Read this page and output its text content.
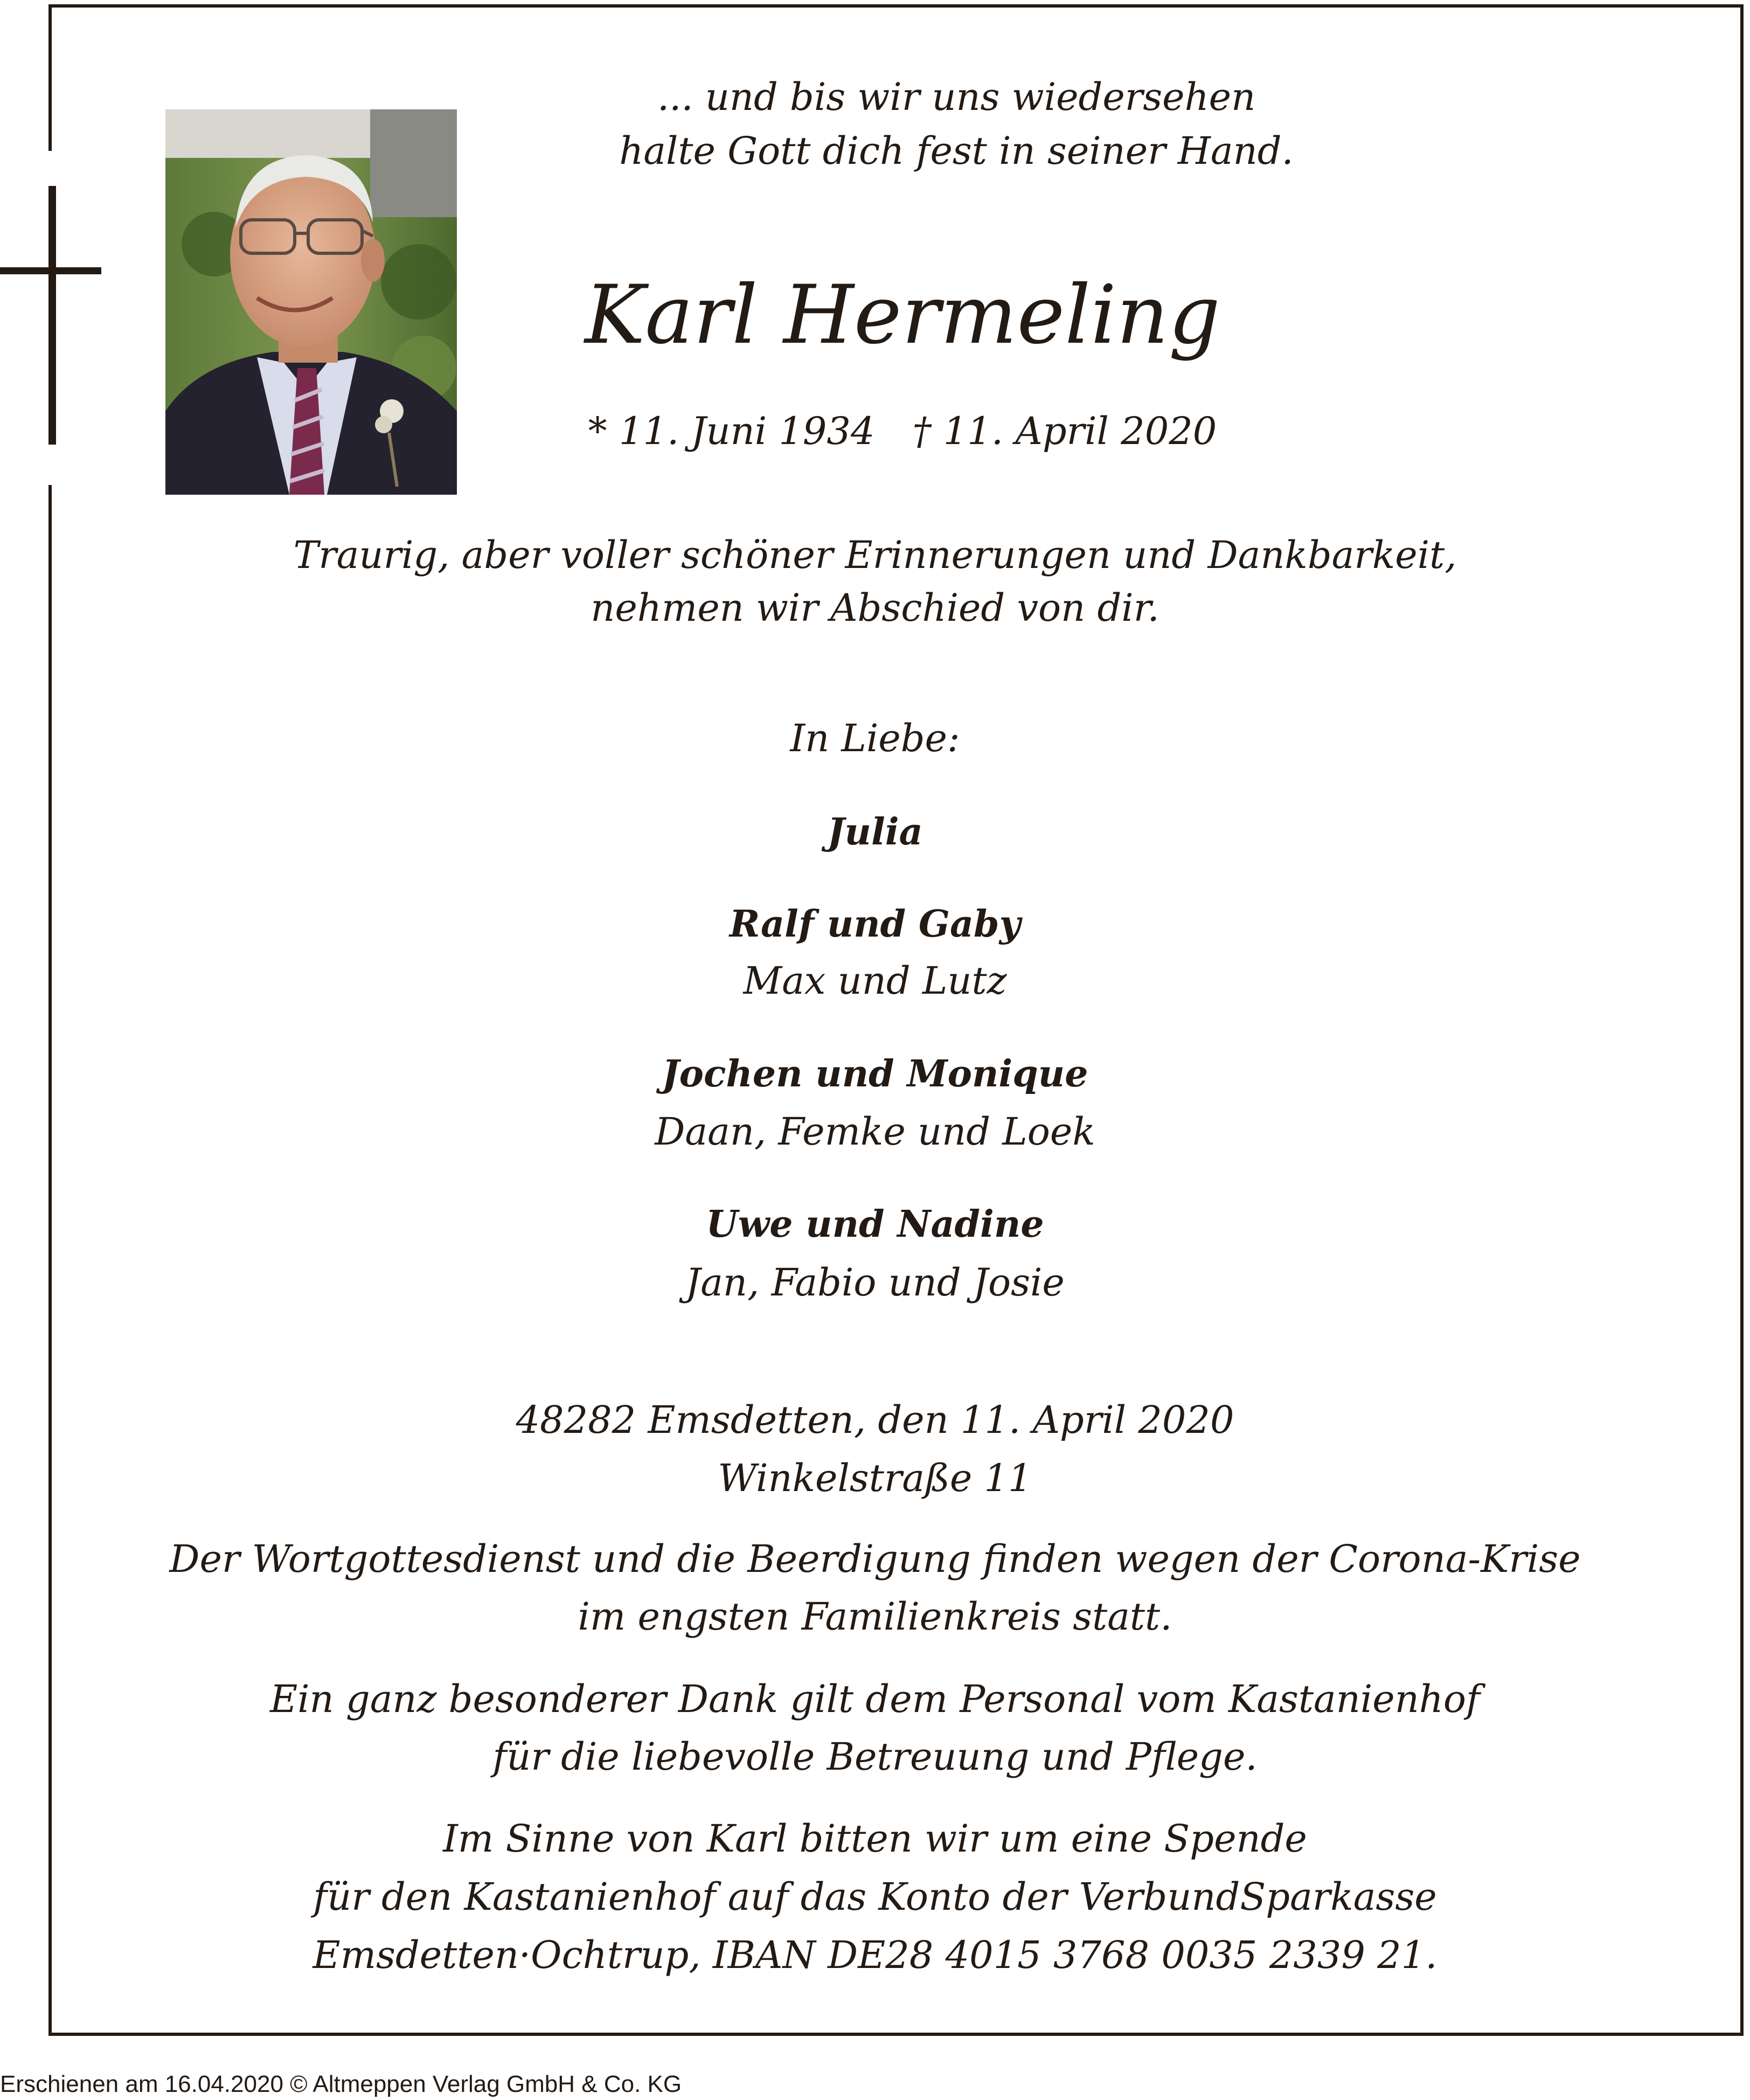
... und bis wir uns wiedersehen
halte Gott dich fest in seiner Hand.
Karl Hermeling
* 11. Juni 1934 † 11. April 2020
Traurig, aber voller schöner Erinnerungen und Dankbarkeit,
nehmen wir Abschied von dir.
In Liebe:
Julia
Ralf und Gaby
Max und Lutz
Jochen und Monique
Daan, Femke und Loek
Uwe und Nadine
Jan, Fabio und Josie
48282 Emsdetten, den 11. April 2020
Winkelstraße 11
Der Wortgottesdienst und die Beerdigung finden wegen der Corona-Krise
im engsten Familienkreis statt.
Ein ganz besonderer Dank gilt dem Personal vom Kastanienhof
für die liebevolle Betreuung und Pflege.
Im Sinne von Karl bitten wir um eine Spende
für den Kastanienhof auf das Konto der VerbundSparkasse
Emsdetten·Ochtrup, IBAN DE28 4015 3768 0035 2339 21.
Erschienen am 16.04.2020 © Altmeppen Verlag GmbH & Co. KG
